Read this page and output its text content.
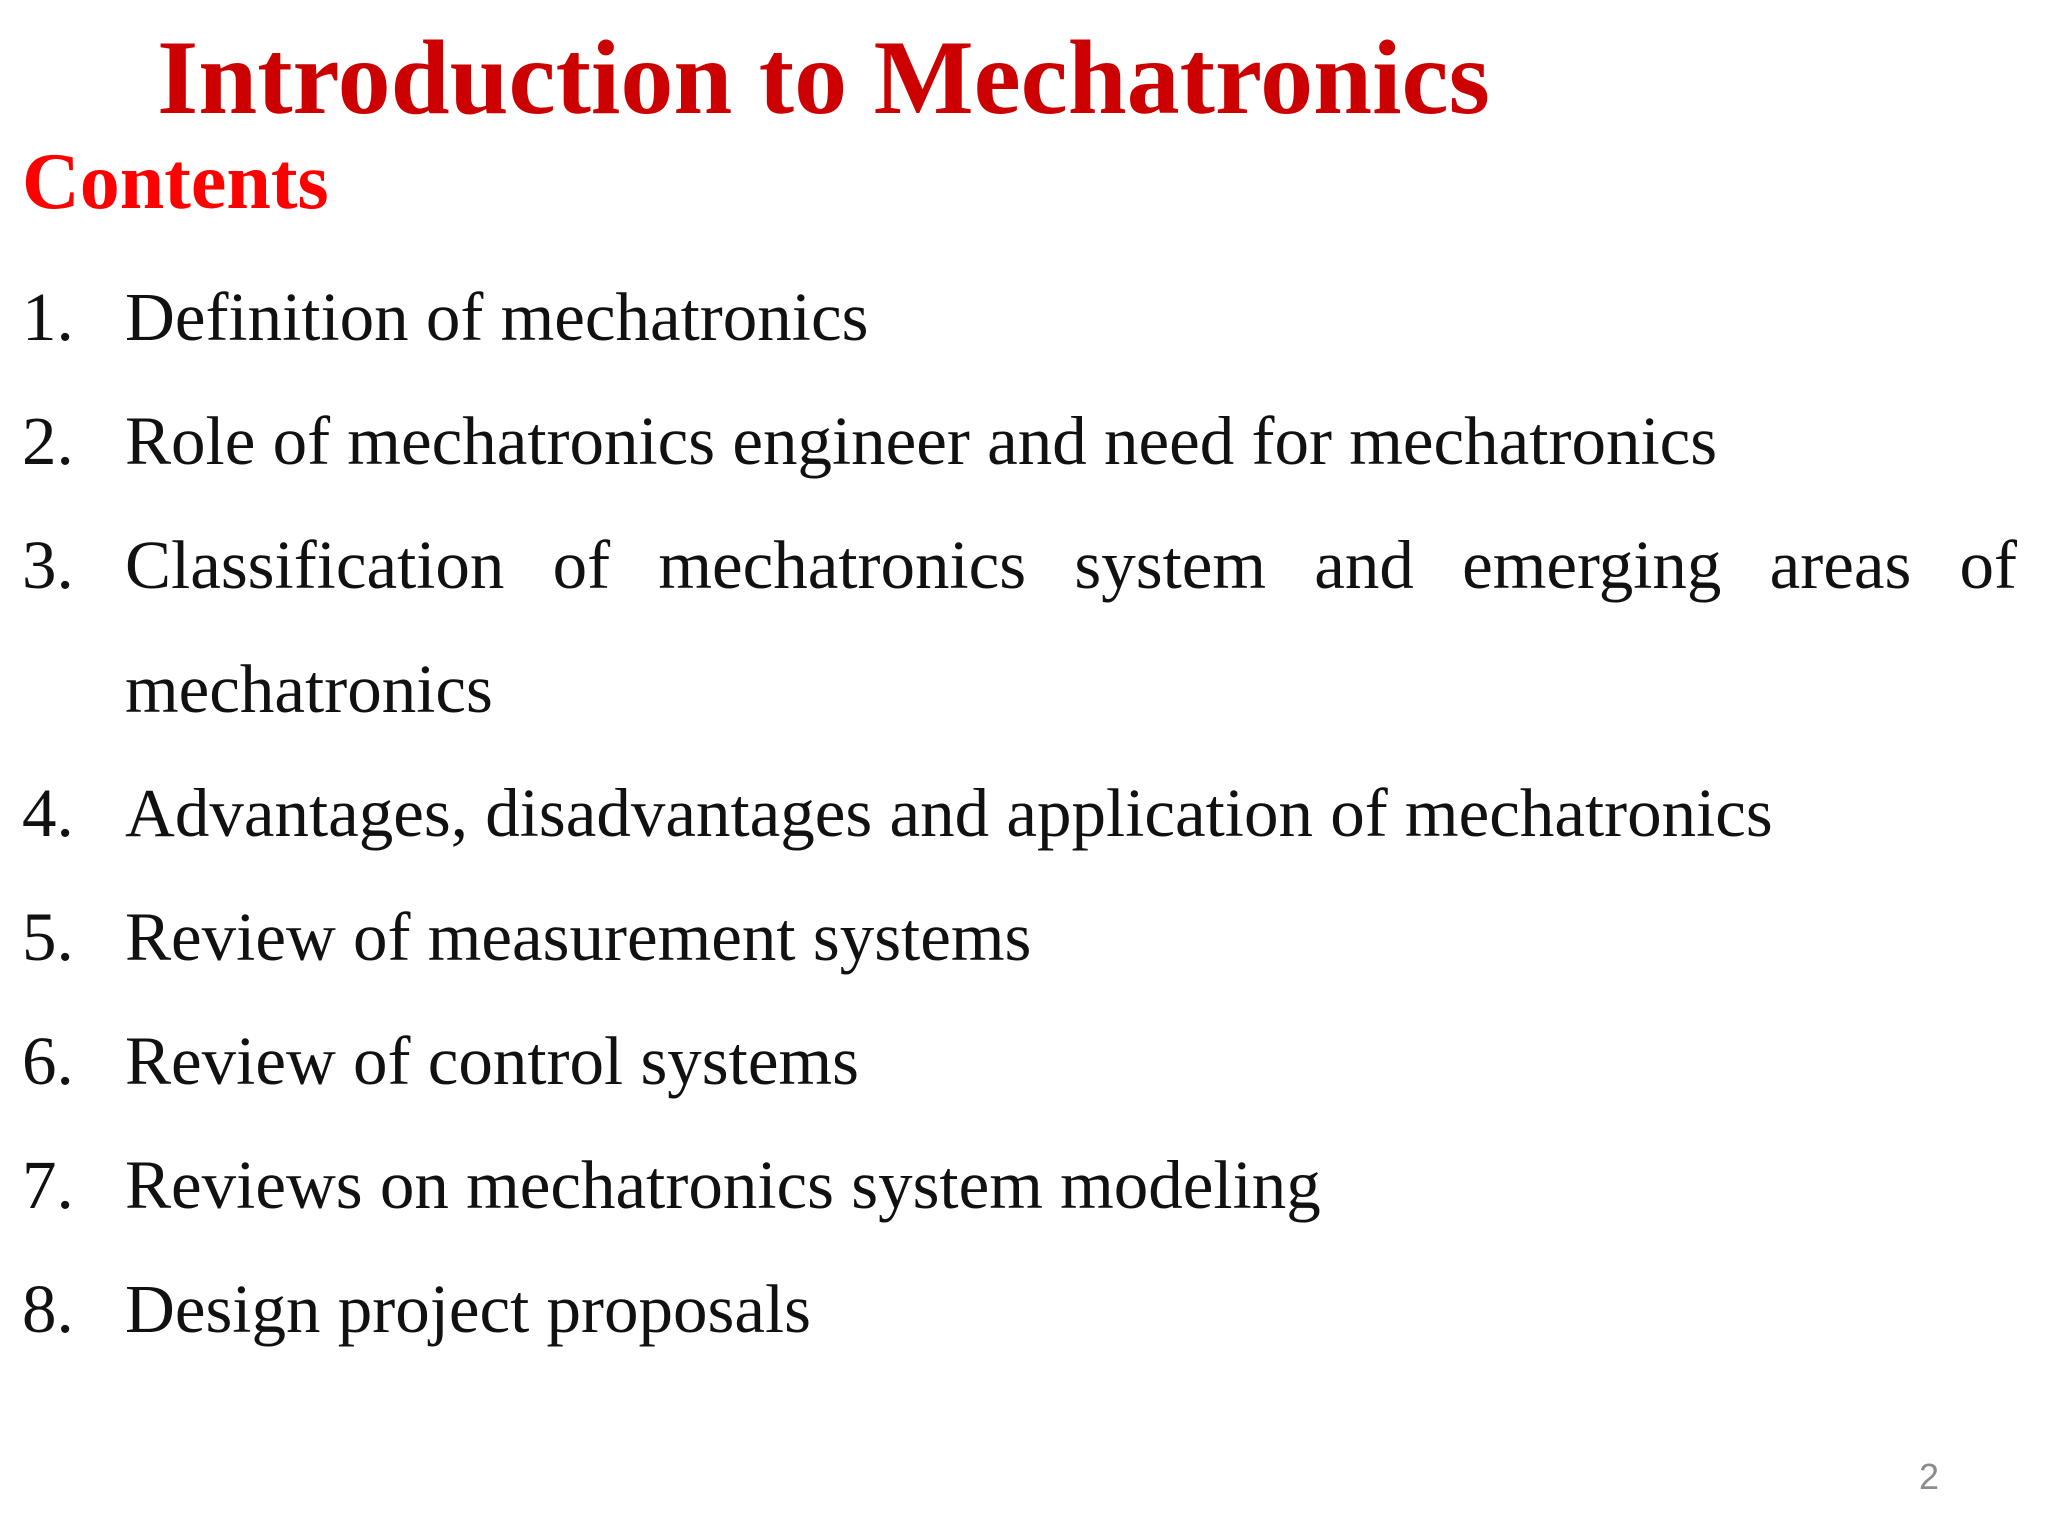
Introduction to Mechatronics
Contents
1. Definition of mechatronics
2. Role of mechatronics engineer and need for mechatronics
3. Classification of mechatronics system and emerging areas of mechatronics
4. Advantages, disadvantages and application of mechatronics
5. Review of measurement systems
6. Review of control systems
7. Reviews on mechatronics system modeling
8. Design project proposals
2
